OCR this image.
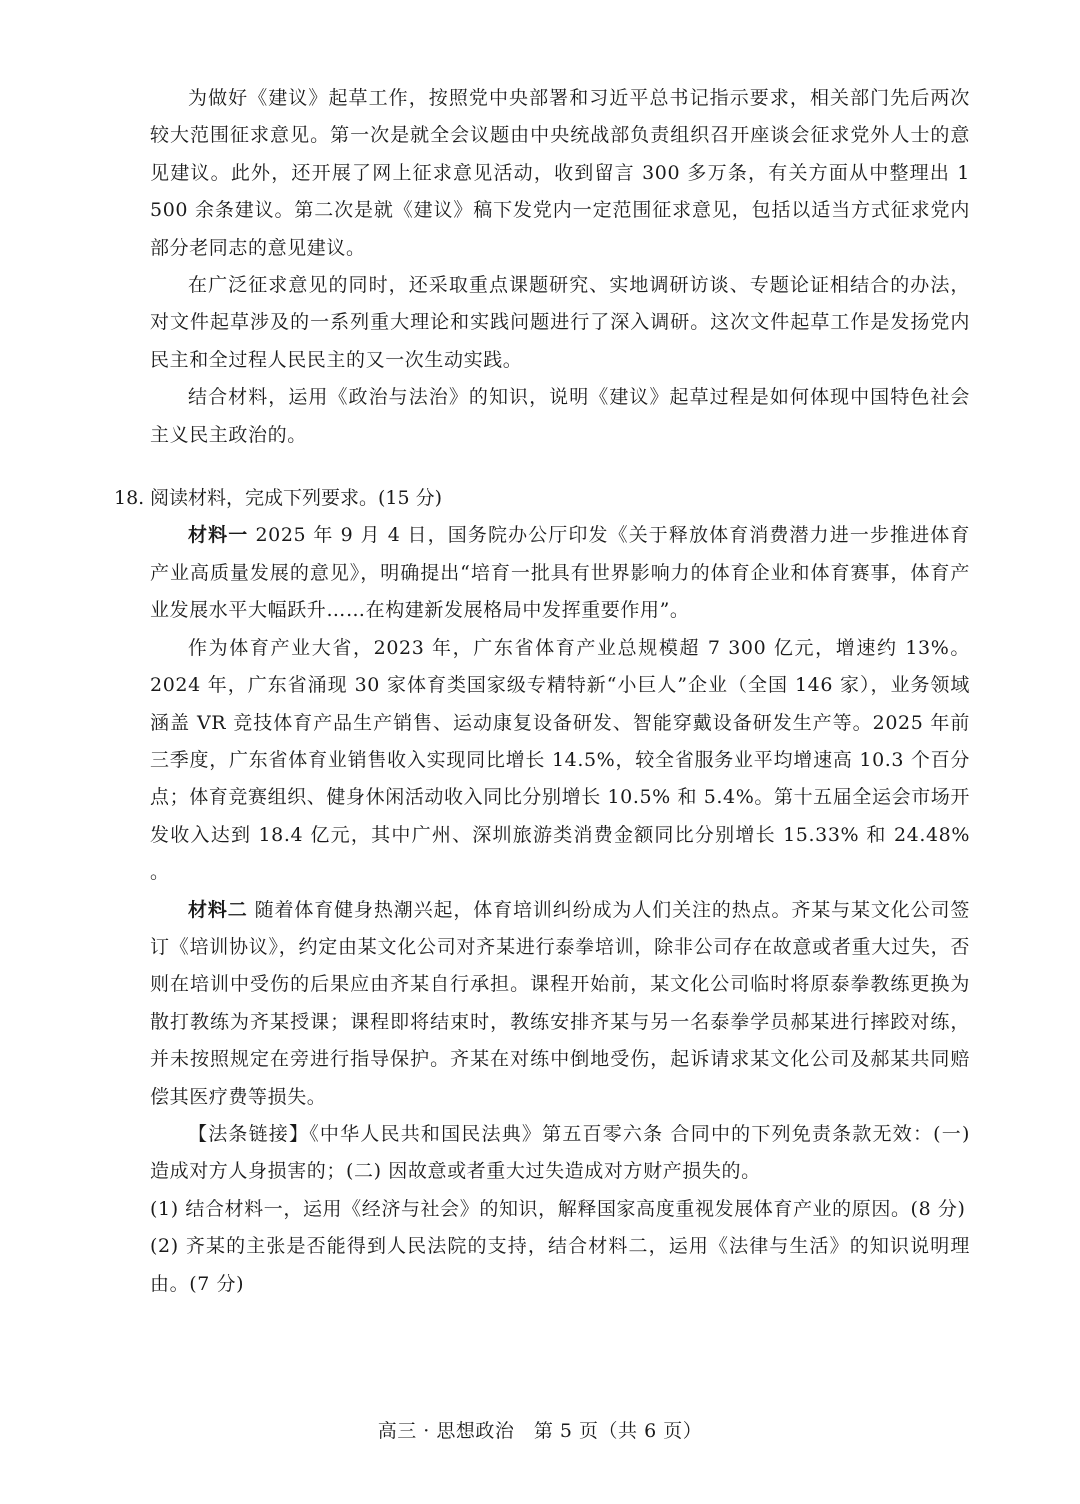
为做好《建议》起草工作，按照党中央部署和习近平总书记指示要求，相关部门先后两次较大范围征求意见。第一次是就全会议题由中央统战部负责组织召开座谈会征求党外人士的意见建议。此外，还开展了网上征求意见活动，收到留言 300 多万条，有关方面从中整理出 1 500 余条建议。第二次是就《建议》稿下发党内一定范围征求意见，包括以适当方式征求党内部分老同志的意见建议。

在广泛征求意见的同时，还采取重点课题研究、实地调研访谈、专题论证相结合的办法，对文件起草涉及的一系列重大理论和实践问题进行了深入调研。这次文件起草工作是发扬党内民主和全过程人民民主的又一次生动实践。

结合材料，运用《政治与法治》的知识，说明《建议》起草过程是如何体现中国特色社会主义民主政治的。

18. 阅读材料，完成下列要求。(15 分)

材料一 2025 年 9 月 4 日，国务院办公厅印发《关于释放体育消费潜力进一步推进体育产业高质量发展的意见》，明确提出“培育一批具有世界影响力的体育企业和体育赛事，体育产业发展水平大幅跃升……在构建新发展格局中发挥重要作用”。

作为体育产业大省，2023 年，广东省体育产业总规模超 7 300 亿元，增速约 13%。2024 年，广东省涌现 30 家体育类国家级专精特新“小巨人”企业（全国 146 家），业务领域涵盖 VR 竞技体育产品生产销售、运动康复设备研发、智能穿戴设备研发生产等。2025 年前三季度，广东省体育业销售收入实现同比增长 14.5%，较全省服务业平均增速高 10.3 个百分点；体育竞赛组织、健身休闲活动收入同比分别增长 10.5% 和 5.4%。第十五届全运会市场开发收入达到 18.4 亿元，其中广州、深圳旅游类消费金额同比分别增长 15.33% 和 24.48% 。

材料二 随着体育健身热潮兴起，体育培训纠纷成为人们关注的热点。齐某与某文化公司签订《培训协议》，约定由某文化公司对齐某进行泰拳培训，除非公司存在故意或者重大过失，否则在培训中受伤的后果应由齐某自行承担。课程开始前，某文化公司临时将原泰拳教练更换为散打教练为齐某授课；课程即将结束时，教练安排齐某与另一名泰拳学员郝某进行摔跤对练，并未按照规定在旁进行指导保护。齐某在对练中倒地受伤，起诉请求某文化公司及郝某共同赔偿其医疗费等损失。

【法条链接】《中华人民共和国民法典》第五百零六条 合同中的下列免责条款无效：(一) 造成对方人身损害的；(二) 因故意或者重大过失造成对方财产损失的。

(1) 结合材料一，运用《经济与社会》的知识，解释国家高度重视发展体育产业的原因。(8 分)

(2) 齐某的主张是否能得到人民法院的支持，结合材料二，运用《法律与生活》的知识说明理由。(7 分)

高三 · 思想政治　第 5 页（共 6 页）
